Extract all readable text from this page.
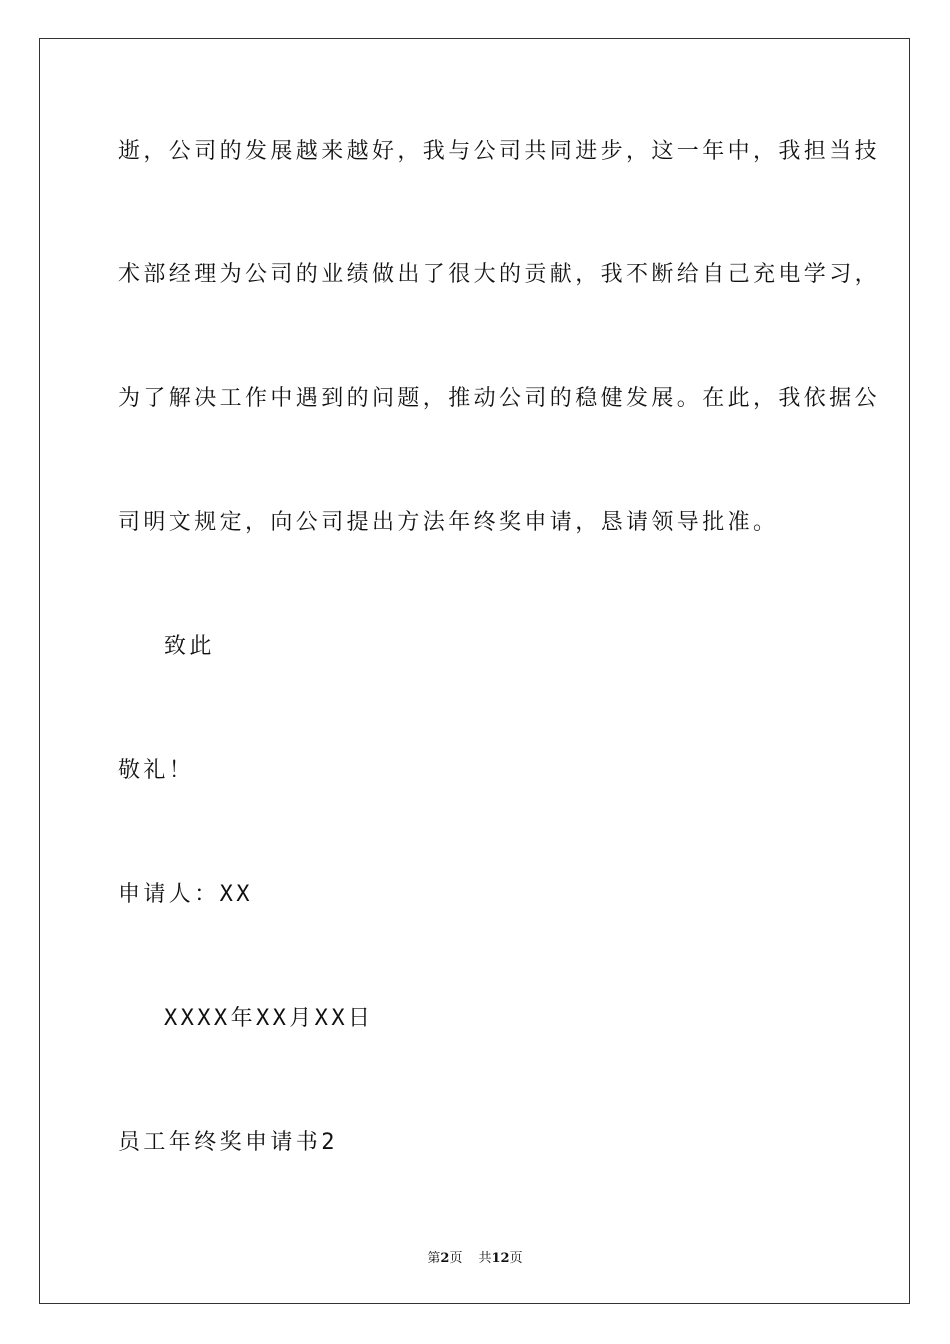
逝，公司的发展越来越好，我与公司共同进步，这一年中，我担当技
术部经理为公司的业绩做出了很大的贡献，我不断给自己充电学习，
为了解决工作中遇到的问题，推动公司的稳健发展。在此，我依据公
司明文规定，向公司提出方法年终奖申请，恳请领导批准。
致此
敬礼！
申请人：XX
XXXX年XX月XX日
员工年终奖申请书2
第2页 共12页
